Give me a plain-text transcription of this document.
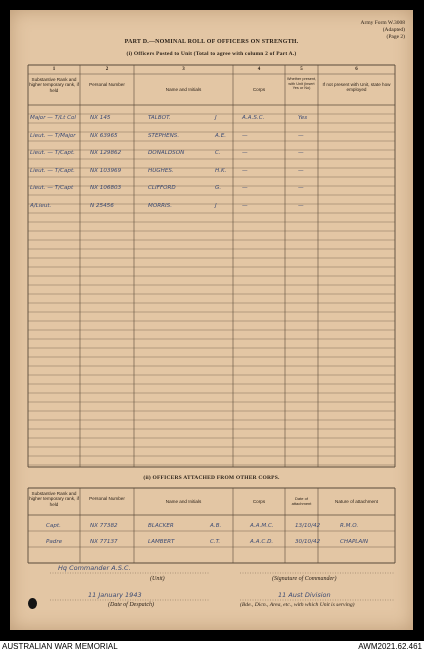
Army Form W.3008
(Adapted)
(Page 2)
PART D.—NOMINAL ROLL OF OFFICERS ON STRENGTH.
(i) Officers Posted to Unit (Total to agree with column 2 of Part A.)
1	2	3	4	5	6
Substantive Rank and higher temporary rank, if held
Personal Number
Name and Initials	Corps
Whether present, with Unit (insert Yes or No)
If not present with Unit, state how employed
Major — T/Lt Col	NX 145	TALBOT.	J	A.A.S.C.	Yes
Lieut. — T/Major	NX 63965	STEPHENS.	A.E.	—	—
Lieut. — T/Capt.	NX 129862	DONALDSON	C.	—	—
Lieut. — T/Capt.	NX 103969	HUGHES.	H.K.	—	—
Lieut. — T/Capt	NX 106803	CLIFFORD	G.	—	—
A/Lieut.	N 25456	MORRIS.	J	—	—
(ii) OFFICERS ATTACHED FROM OTHER CORPS.
Substantive Rank and higher temporary rank, if held
Personal Number
Name and Initials	Corps
Date of attachment	Nature of attachment
Capt.	NX 77382	BLACKER	A.B.	A.A.M.C.	13/10/42	R.M.O.
Padre	NX 77137	LAMBERT	C.T.	A.A.C.D.	30/10/42	CHAPLAIN
Hq Commander A.S.C.
(Unit)	(Signature of Commander)
11 January 1943
(Date of Despatch)
11 Aust Division
(Bde., Dicn., Area, etc., with which Unit is serving)
AUSTRALIAN WAR MEMORIAL	AWM2021.62.461
